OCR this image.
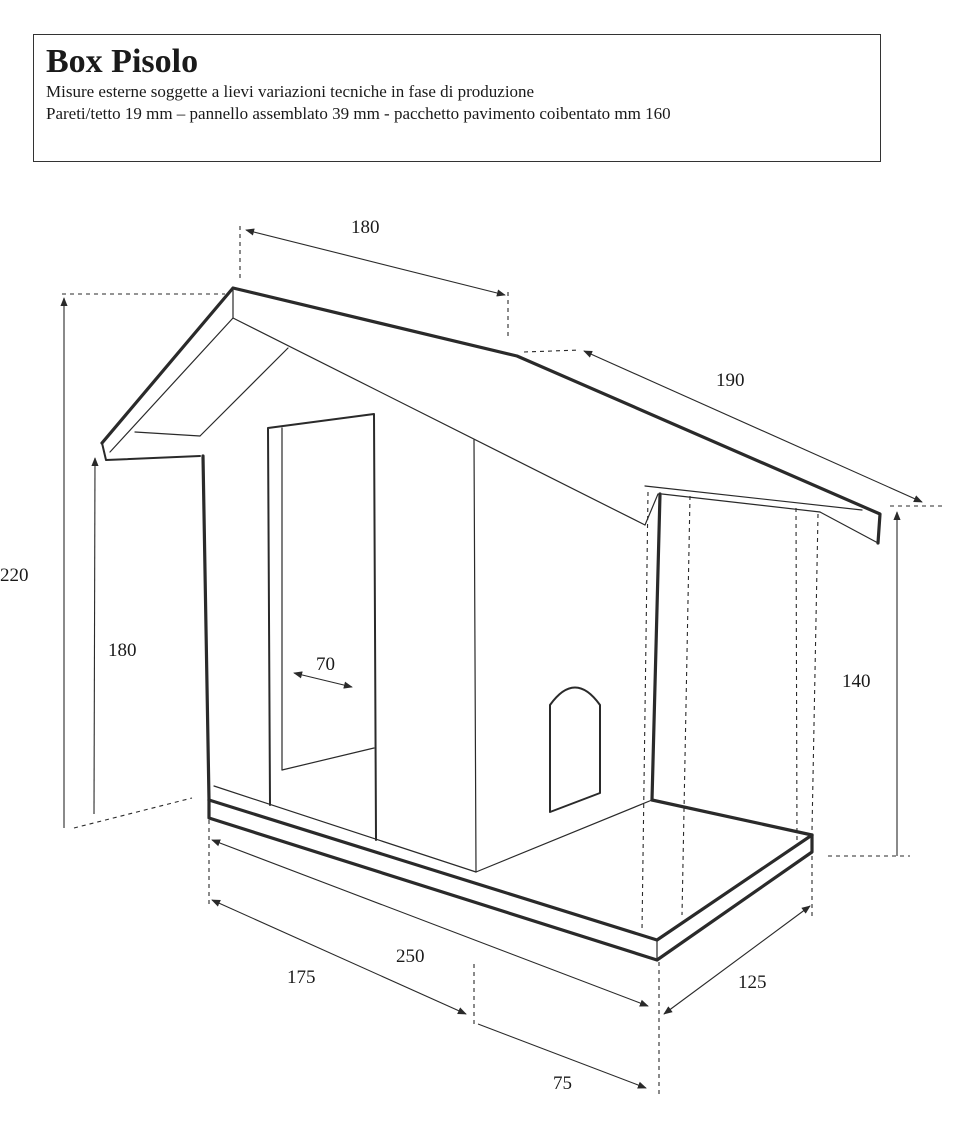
Box Pisolo

Misure esterne soggette a lievi variazioni tecniche in fase di produzione

Pareti/tetto 19 mm – pannello assemblato 39 mm - pacchetto pavimento coibentato mm 160

180
190
220
180
70
140
250
175	125
75
